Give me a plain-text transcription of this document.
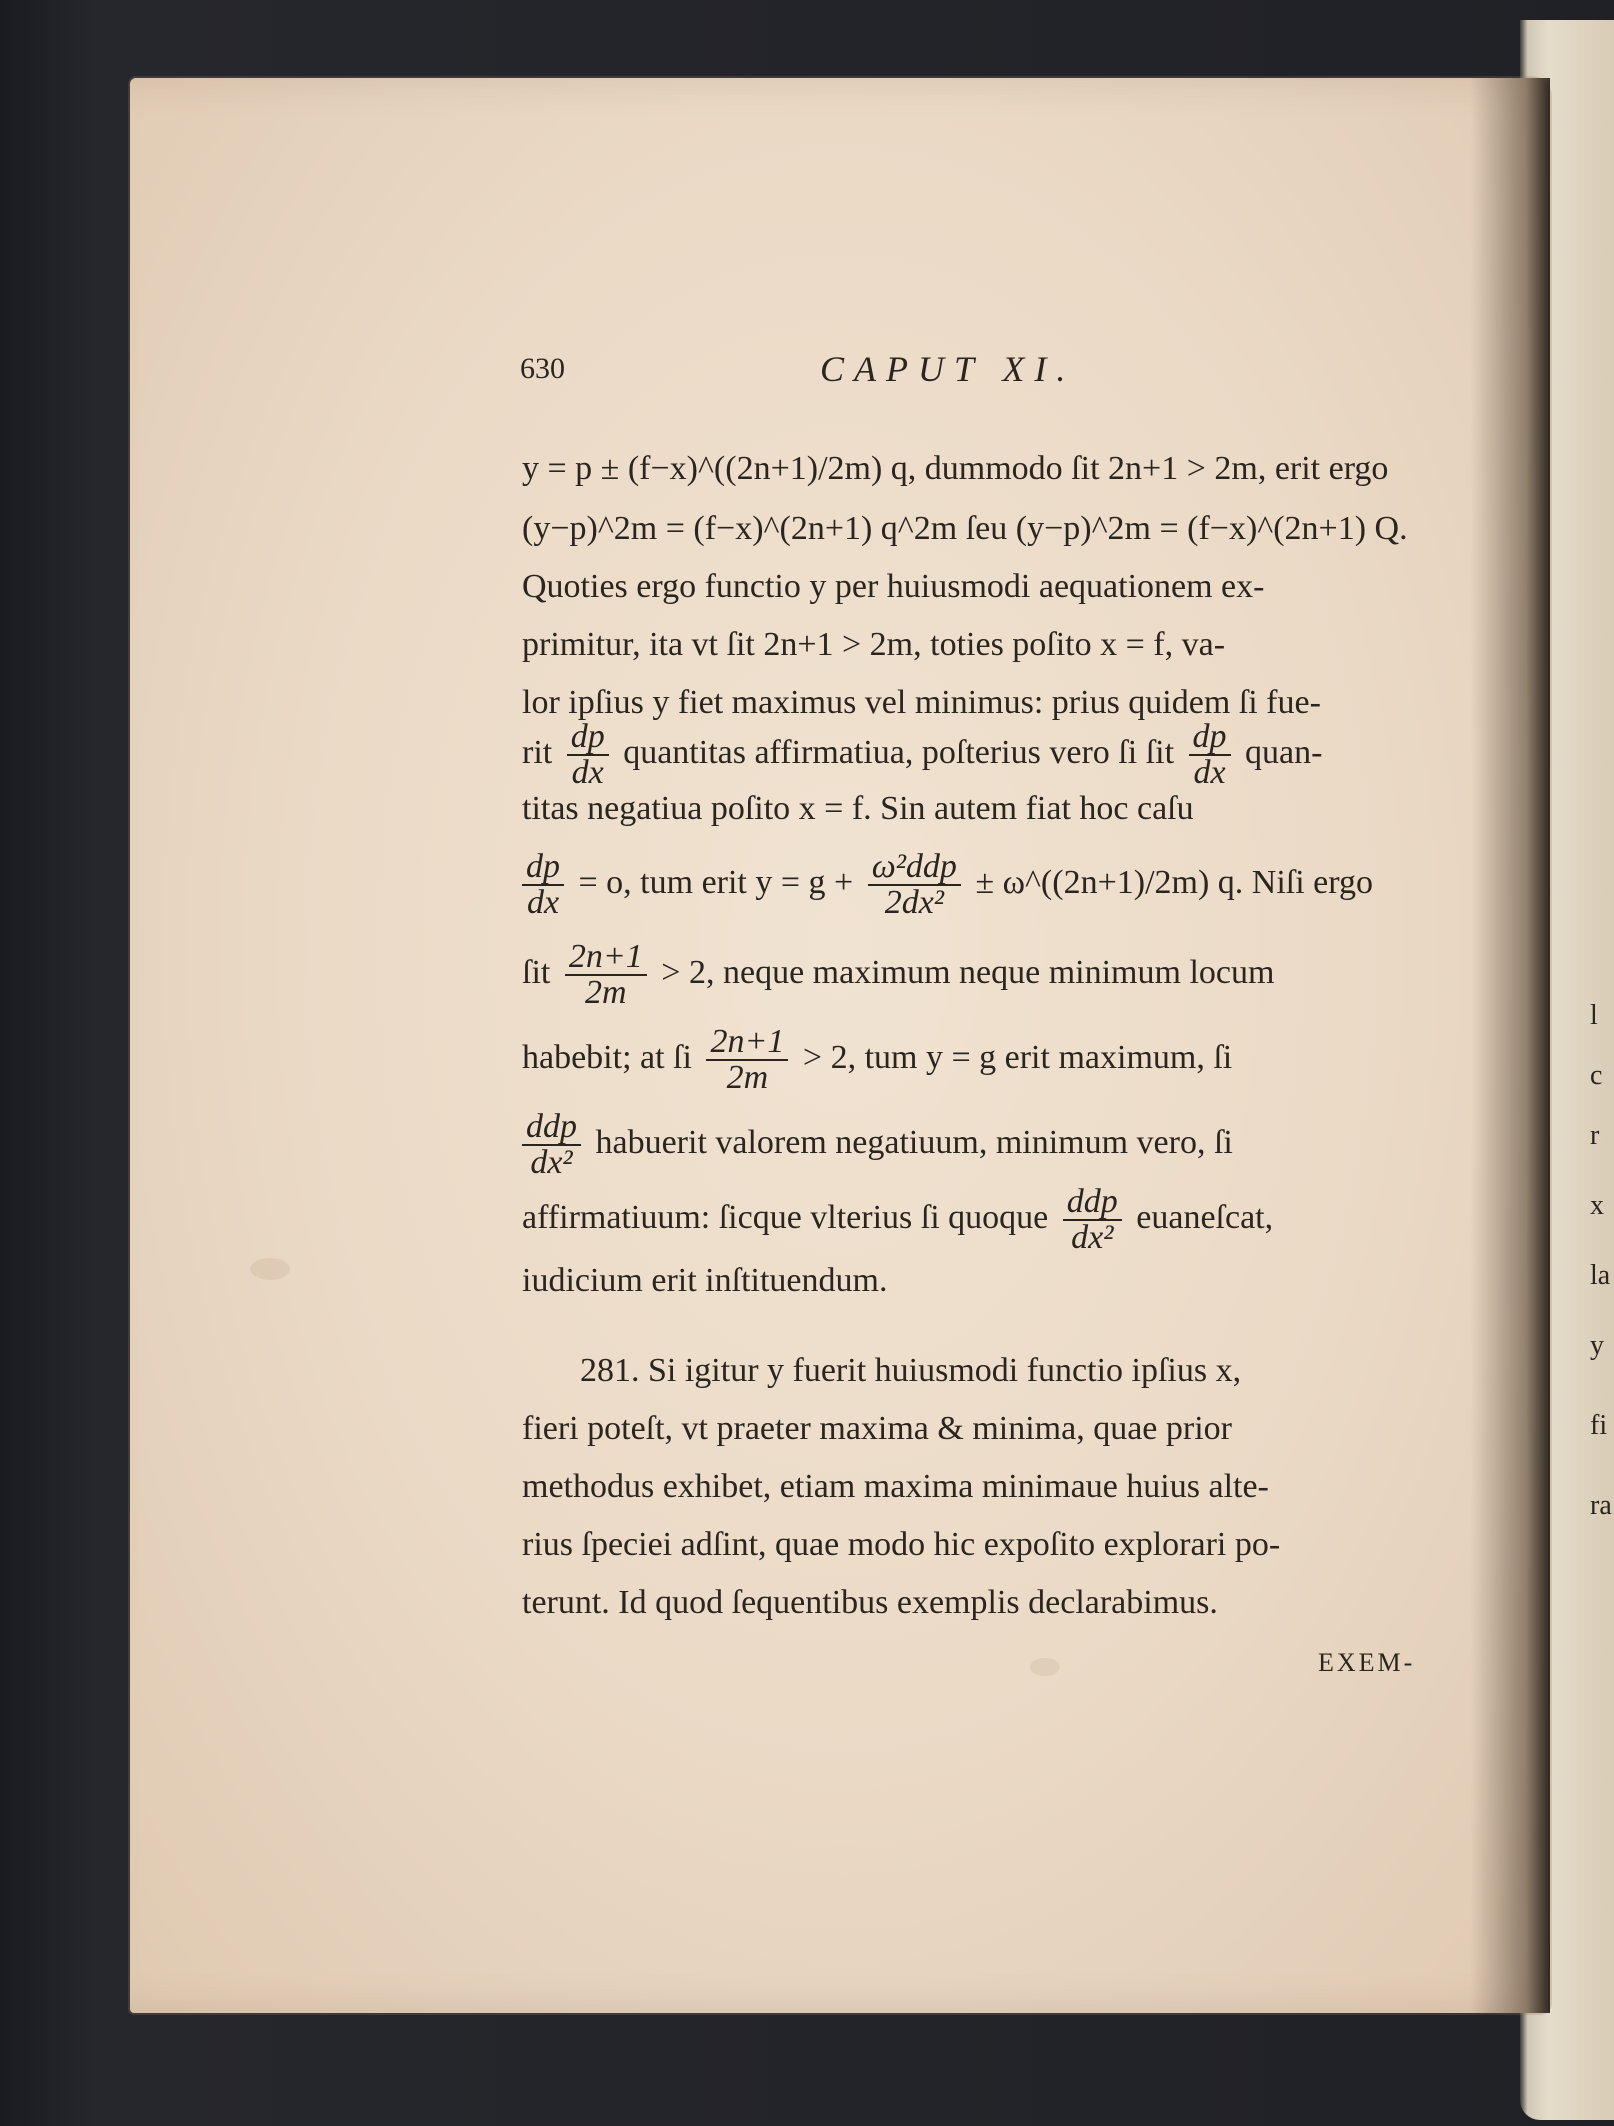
l
c
r
x
la
y
fi
ra
630	CAPUT XI.
y = p ± (f−x)^((2n+1)/2m) q, dummodo ſit 2n+1 > 2m, erit ergo
(y−p)^2m = (f−x)^(2n+1) q^2m ſeu (y−p)^2m = (f−x)^(2n+1) Q.
Quoties ergo functio y per huiusmodi aequationem ex-
primitur, ita vt ſit 2n+1 > 2m, toties poſito x = f, va-
lor ipſius y fiet maximus vel minimus: prius quidem ſi fue-
rit $\frac{dp}{dx}$ quantitas affirmatiua, poſterius vero ſi ſit $\frac{dp}{dx}$ quan-
titas negatiua poſito x = f. Sin autem fiat hoc caſu
$\frac{dp}{dx} = o$, tum erit $y = g + \frac{\text{ω²ddp}}{\text{2dx²}}$ ± ω^((2n+1)/2m) q. Niſi ergo
ſit $\frac{2n+1}{2m} > 2$, neque maximum neque minimum locum
habebit; at ſi $\frac{2n+1}{2m} > 2$, tum y = g erit maximum, ſi
$\frac{\text{ddp}}{\text{dx²}}$ habuerit valorem negatiuum, minimum vero, ſi
affirmatiuum: ſicque vlterius ſi quoque $\frac{\text{ddp}}{\text{dx²}}$ euaneſcat,
iudicium erit inſtituendum.
281. Si igitur y fuerit huiusmodi functio ipſius x,
fieri poteſt, vt praeter maxima & minima, quae prior
methodus exhibet, etiam maxima minimaue huius alte-
rius ſpeciei adſint, quae modo hic expoſito explorari po-
terunt. Id quod ſequentibus exemplis declarabimus.
EXEM-
